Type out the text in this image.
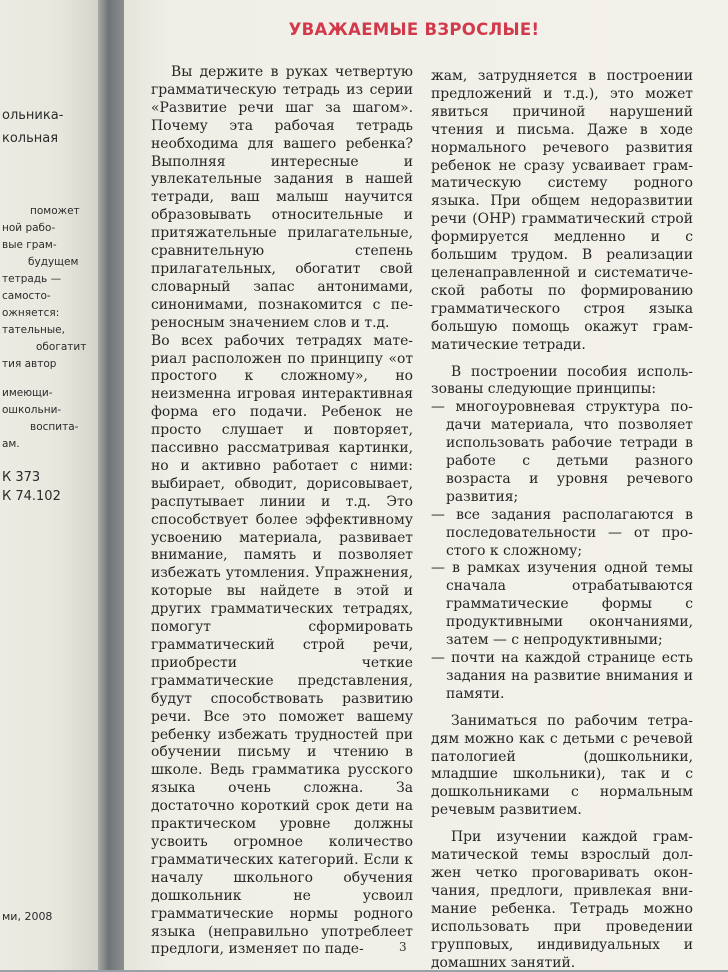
ольника-
кольная
поможет
ной рабо-
вые грам-
будущем
тетрадь —
самосто-
ожняется:
тательные,
обогатит
тия автор
имеющи-
ошкольни-
воспита-
ам.
К 373
К 74.102
ми, 2008
УВАЖАЕМЫЕ ВЗРОСЛЫЕ!

Вы держите в руках четвертую грамматическую тетрадь из серии «Развитие речи шаг за шагом». Почему эта рабочая тетрадь необходима для вашего ребенка? Выполняя интересные и увлекательные задания в нашей тетради, ваш малыш научится образовывать относительные и притяжательные прилагательные, сравнительную степень прилагательных, обогатит свой словарный запас антонимами, синонимами, познакомится с переносным значением слов и т.д.

Во всех рабочих тетрадях материал расположен по принципу «от простого к сложному», но неизменна игровая интерактивная форма его подачи. Ребенок не просто слушает и повторяет, пассивно рассматривая картинки, но и активно работает с ними: выбирает, обводит, дорисовывает, распутывает линии и т.д. Это способствует более эффективному усвоению материала, развивает внимание, память и позволяет избежать утомления. Упражнения, которые вы найдете в этой и других грамматических тетрадях, помогут сформировать грамматический строй речи, приобрести четкие грамматические представления, будут способствовать развитию речи. Все это поможет вашему ребенку избежать трудностей при обучении письму и чтению в школе. Ведь грамматика русского языка очень сложна. За достаточно короткий срок дети на практическом уровне должны усвоить огромное количество грамматических категорий. Если к началу школьного обучения дошкольник не усвоил грамматические нормы родного языка (неправильно употреблеет предлоги, изменяет по паде-

жам, затрудняется в построении предложений и т.д.), это может явиться причиной нарушений чтения и письма. Даже в ходе нормального речевого развития ребенок не сразу усваивает грамматическую систему родного языка. При общем недоразвитии речи (ОНР) грамматический строй формируется медленно и с большим трудом. В реализации целенаправленной и систематической работы по формированию грамматического строя языка большую помощь окажут грамматические тетради.

В построении пособия использованы следующие принципы:

— многоуровневая структура подачи материала, что позволяет использовать рабочие тетради в работе с детьми разного возраста и уровня речевого развития;
— все задания располагаются в последовательности — от простого к сложному;
— в рамках изучения одной темы сначала отрабатываются грамматические формы с продуктивными окончаниями, затем — с непродуктивными;
— почти на каждой странице есть задания на развитие внимания и памяти.

Заниматься по рабочим тетрадям можно как с детьми с речевой патологией (дошкольники, младшие школьники), так и с дошкольниками с нормальным речевым развитием.

При изучении каждой грамматической темы взрослый должен четко проговаривать окончания, предлоги, привлекая внимание ребенка. Тетрадь можно использовать при проведении групповых, индивидуальных и домашних занятий.

3
